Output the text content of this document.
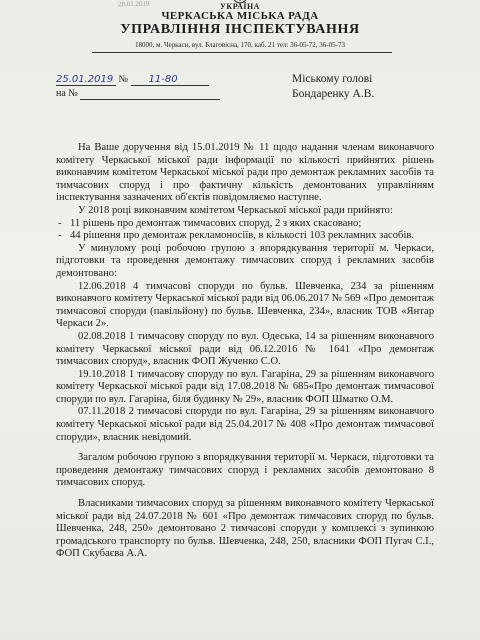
28.01.2019	УКРАЇНА
ЧЕРКАСЬКА МІСЬКА РАДА
УПРАВЛІННЯ ІНСПЕКТУВАННЯ
18000, м. Черкаси, вул. Благовісна, 170, каб. 21 тел: 36-05-72, 36-05-73
25.01.2019 № 11-80
на №
Міському голові
Бондаренку А.В.

На Ваше доручення від 15.01.2019 № 11 щодо надання членам виконавчого комітету Черкаської міської ради інформації по кількості прийнятих рішень виконавчим комітетом Черкаської міської ради про демонтаж рекламних засобів та тимчасових споруд і про фактичну кількість демонтованих управлінням інспектування зазначених об'єктів повідомляємо наступне.

У 2018 році виконавчим комітетом Черкаської міської ради прийнято:

- 11 рішень про демонтаж тимчасових споруд, 2 з яких скасовано;

- 44 рішення про демонтаж рекламоносіїв, в кількості 103 рекламних засобів.

У минулому році робочою групою з впорядкування території м. Черкаси, підготовки та проведення демонтажу тимчасових споруд і рекламних засобів демонтовано:

12.06.2018 4 тимчасові споруди по бульв. Шевченка, 234 за рішенням виконавчого комітету Черкаської міської ради від 06.06.2017 № 569 «Про демонтаж тимчасової споруди (павільйону) по бульв. Шевченка, 234», власник ТОВ «Янтар Черкаси 2».

02.08.2018 1 тимчасову споруду по вул. Одеська, 14 за рішенням виконавчого комітету Черкаської міської ради від 06.12.2016 № 1641 «Про демонтаж тимчасових споруд», власник ФОП Жученко С.О.

19.10.2018 1 тимчасову споруду по вул. Гагаріна, 29 за рішенням виконавчого комітету Черкаської міської ради від 17.08.2018 № 685«Про демонтаж тимчасової споруди по вул. Гагаріна, біля будинку № 29», власник ФОП Шматко О.М.

07.11.2018 2 тимчасові споруди по вул. Гагаріна, 29 за рішенням виконавчого комітету Черкаської міської ради від 25.04.2017 № 408 «Про демонтаж тимчасової споруди», власник невідомий.

Загалом робочою групою з впорядкування території м. Черкаси, підготовки та проведення демонтажу тимчасових споруд і рекламних засобів демонтовано 8 тимчасових споруд.

Власниками тимчасових споруд за рішенням виконавчого комітету Черкаської міської ради від 24.07.2018 № 601 «Про демонтаж тимчасових споруд по бульв. Шевченка, 248, 250» демонтовано 2 тимчасові споруди у комплексі з зупинкою громадського транспорту по бульв. Шевченка, 248, 250, власники ФОП Пугач С.І., ФОП Скубаєва А.А.
